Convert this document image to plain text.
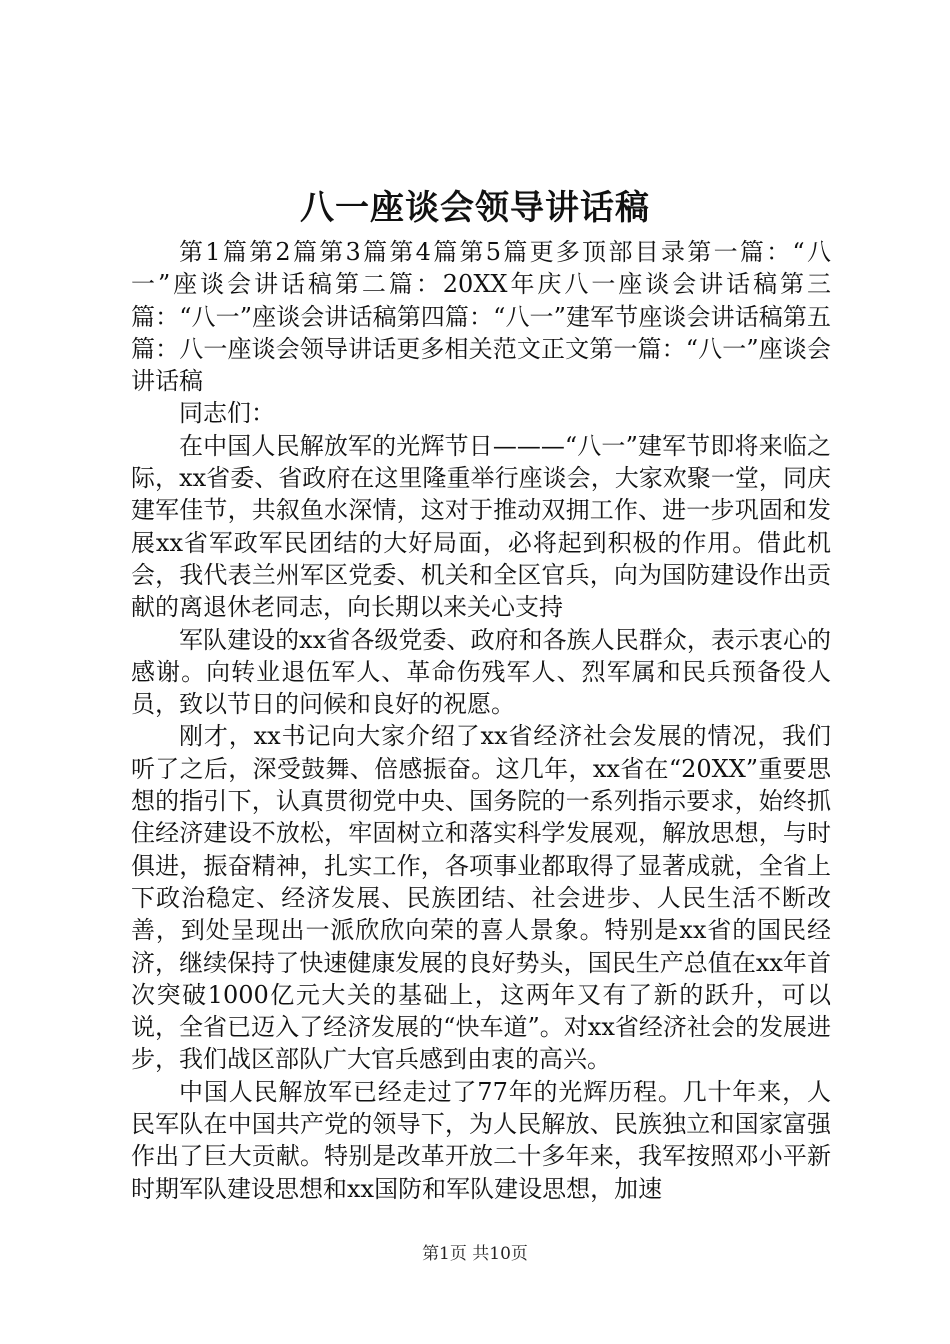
八一座谈会领导讲话稿

第1篇第2篇第3篇第4篇第5篇更多顶部目录第一篇：“八一”座谈会讲话稿第二篇：20XX年庆八一座谈会讲话稿第三篇：“八一”座谈会讲话稿第四篇：“八一”建军节座谈会讲话稿第五篇：八一座谈会领导讲话更多相关范文正文第一篇：“八一”座谈会讲话稿

同志们：

在中国人民解放军的光辉节日———“八一”建军节即将来临之际，xx省委、省政府在这里隆重举行座谈会，大家欢聚一堂，同庆建军佳节，共叙鱼水深情，这对于推动双拥工作、进一步巩固和发展xx省军政军民团结的大好局面，必将起到积极的作用。借此机会，我代表兰州军区党委、机关和全区官兵，向为国防建设作出贡献的离退休老同志，向长期以来关心支持

军队建设的xx省各级党委、政府和各族人民群众，表示衷心的感谢。向转业退伍军人、革命伤残军人、烈军属和民兵预备役人员，致以节日的问候和良好的祝愿。

刚才，xx书记向大家介绍了xx省经济社会发展的情况，我们听了之后，深受鼓舞、倍感振奋。这几年，xx省在“20XX”重要思想的指引下，认真贯彻党中央、国务院的一系列指示要求，始终抓住经济建设不放松，牢固树立和落实科学发展观，解放思想，与时俱进，振奋精神，扎实工作，各项事业都取得了显著成就，全省上下政治稳定、经济发展、民族团结、社会进步、人民生活不断改善，到处呈现出一派欣欣向荣的喜人景象。特别是xx省的国民经济，继续保持了快速健康发展的良好势头，国民生产总值在xx年首次突破1000亿元大关的基础上，这两年又有了新的跃升，可以说，全省已迈入了经济发展的“快车道”。对xx省经济社会的发展进步，我们战区部队广大官兵感到由衷的高兴。

中国人民解放军已经走过了77年的光辉历程。几十年来，人民军队在中国共产党的领导下，为人民解放、民族独立和国家富强作出了巨大贡献。特别是改革开放二十多年来，我军按照邓小平新时期军队建设思想和xx国防和军队建设思想，加速

第1页 共10页
